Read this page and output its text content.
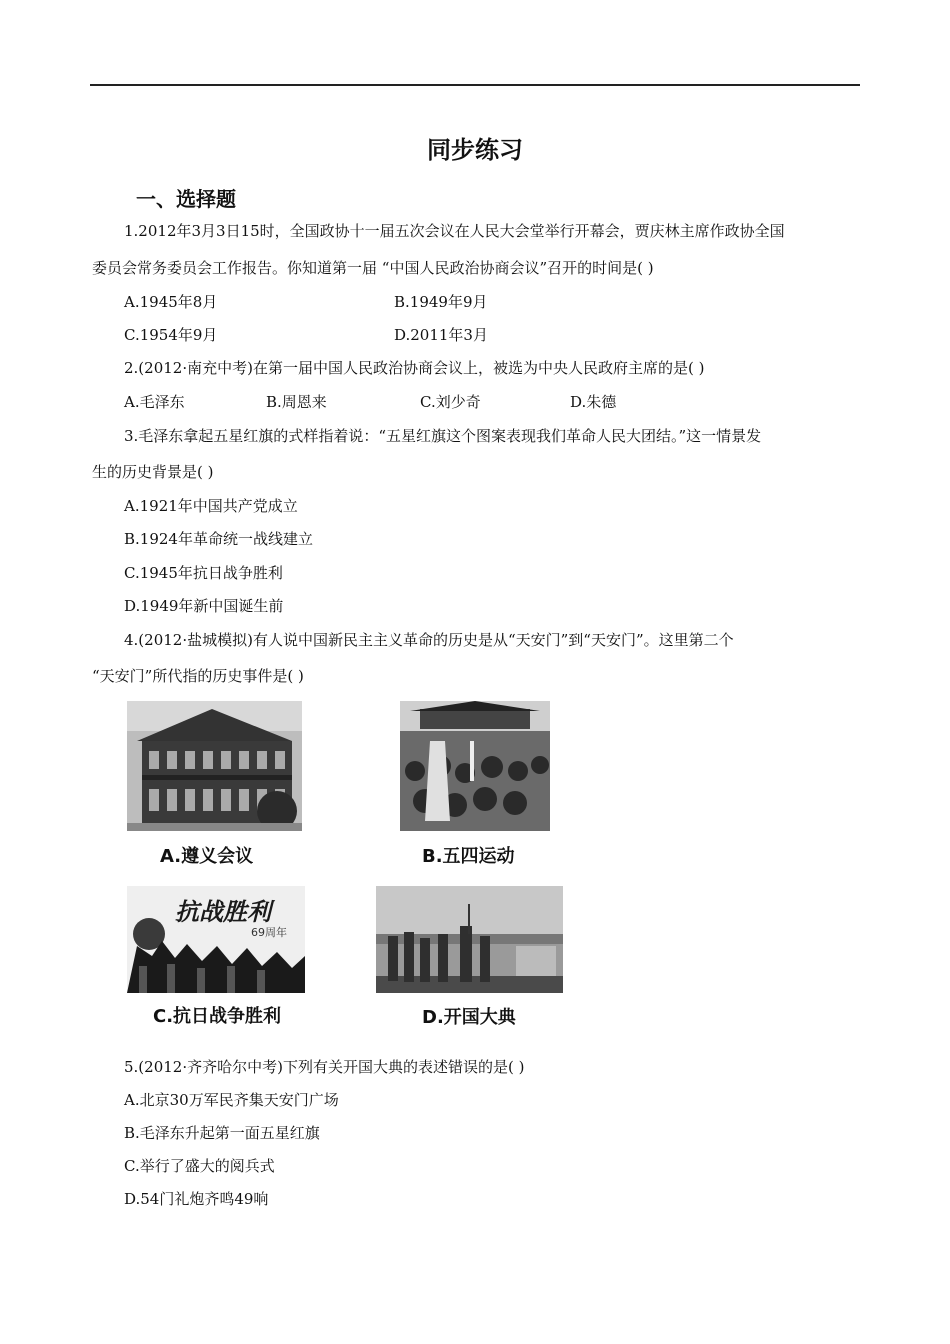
同步练习
一、选择题
1.2012年3月3日15时，全国政协十一届五次会议在人民大会堂举行开幕会，贾庆林主席作政协全国
委员会常务委员会工作报告。你知道第一届 “中国人民政治协商会议”召开的时间是( )
A.1945年8月	B.1949年9月
C.1954年9月	D.2011年3月
2.(2012·南充中考)在第一届中国人民政治协商会议上，被选为中央人民政府主席的是( )
A.毛泽东	B.周恩来	C.刘少奇	D.朱德
3.毛泽东拿起五星红旗的式样指着说：“五星红旗这个图案表现我们革命人民大团结。”这一情景发
生的历史背景是( )
A.1921年中国共产党成立
B.1924年革命统一战线建立
C.1945年抗日战争胜利
D.1949年新中国诞生前
4.(2012·盐城模拟)有人说中国新民主主义革命的历史是从“天安门”到“天安门”。这里第二个
“天安门”所代指的历史事件是( )
A.遵义会议	B.五四运动
抗战胜利
69周年
C.抗日战争胜利	D.开国大典
5.(2012·齐齐哈尔中考)下列有关开国大典的表述错误的是( )
A.北京30万军民齐集天安门广场
B.毛泽东升起第一面五星红旗
C.举行了盛大的阅兵式
D.54门礼炮齐鸣49响
